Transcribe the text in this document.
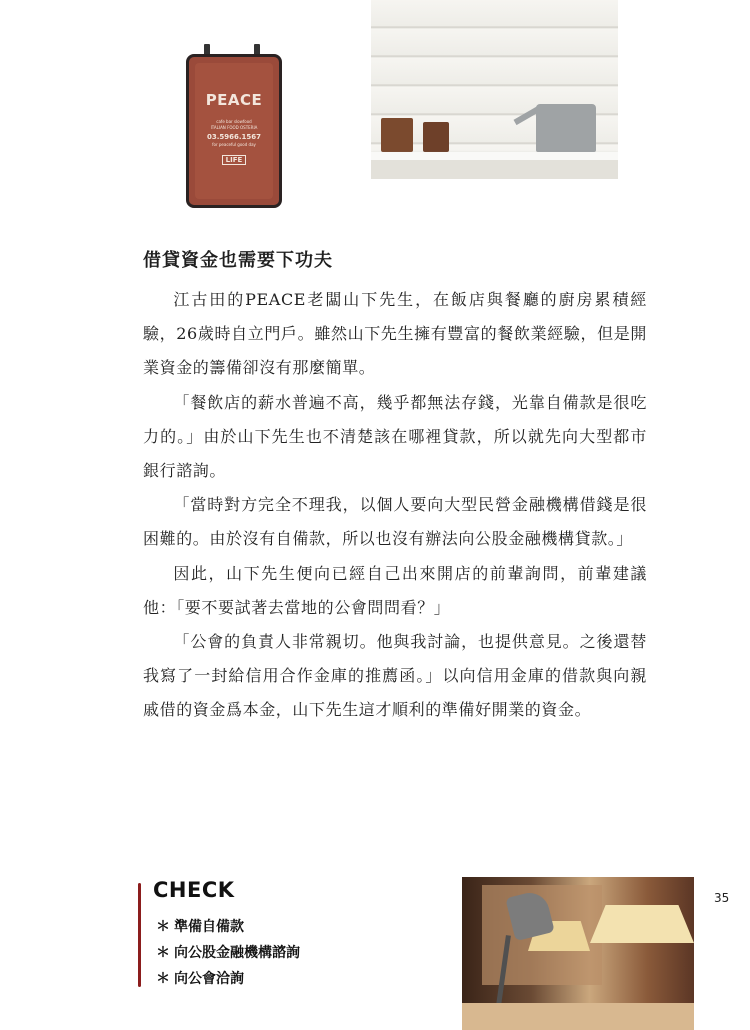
PEACE
cafe bar slowfood
ITALIAN FOOD OSTERIA
03.5966.1567
for peaceful good day
LIFE
借貸資金也需要下功夫

江古田的PEACE老闆山下先生，在飯店與餐廳的廚房累積經驗，26歲時自立門戶。雖然山下先生擁有豐富的餐飲業經驗，但是開業資金的籌備卻沒有那麼簡單。

「餐飲店的薪水普遍不高，幾乎都無法存錢，光靠自備款是很吃力的。」由於山下先生也不清楚該在哪裡貸款，所以就先向大型都市銀行諮詢。

「當時對方完全不理我，以個人要向大型民營金融機構借錢是很困難的。由於沒有自備款，所以也沒有辦法向公股金融機構貸款。」

因此，山下先生便向已經自己出來開店的前輩詢問，前輩建議他：「要不要試著去當地的公會問問看？」

「公會的負責人非常親切。他與我討論，也提供意見。之後還替我寫了一封給信用合作金庫的推薦函。」以向信用金庫的借款與向親戚借的資金爲本金，山下先生這才順利的準備好開業的資金。

CHECK
＊ 準備自備款
＊ 向公股金融機構諮詢
＊ 向公會洽詢
35
